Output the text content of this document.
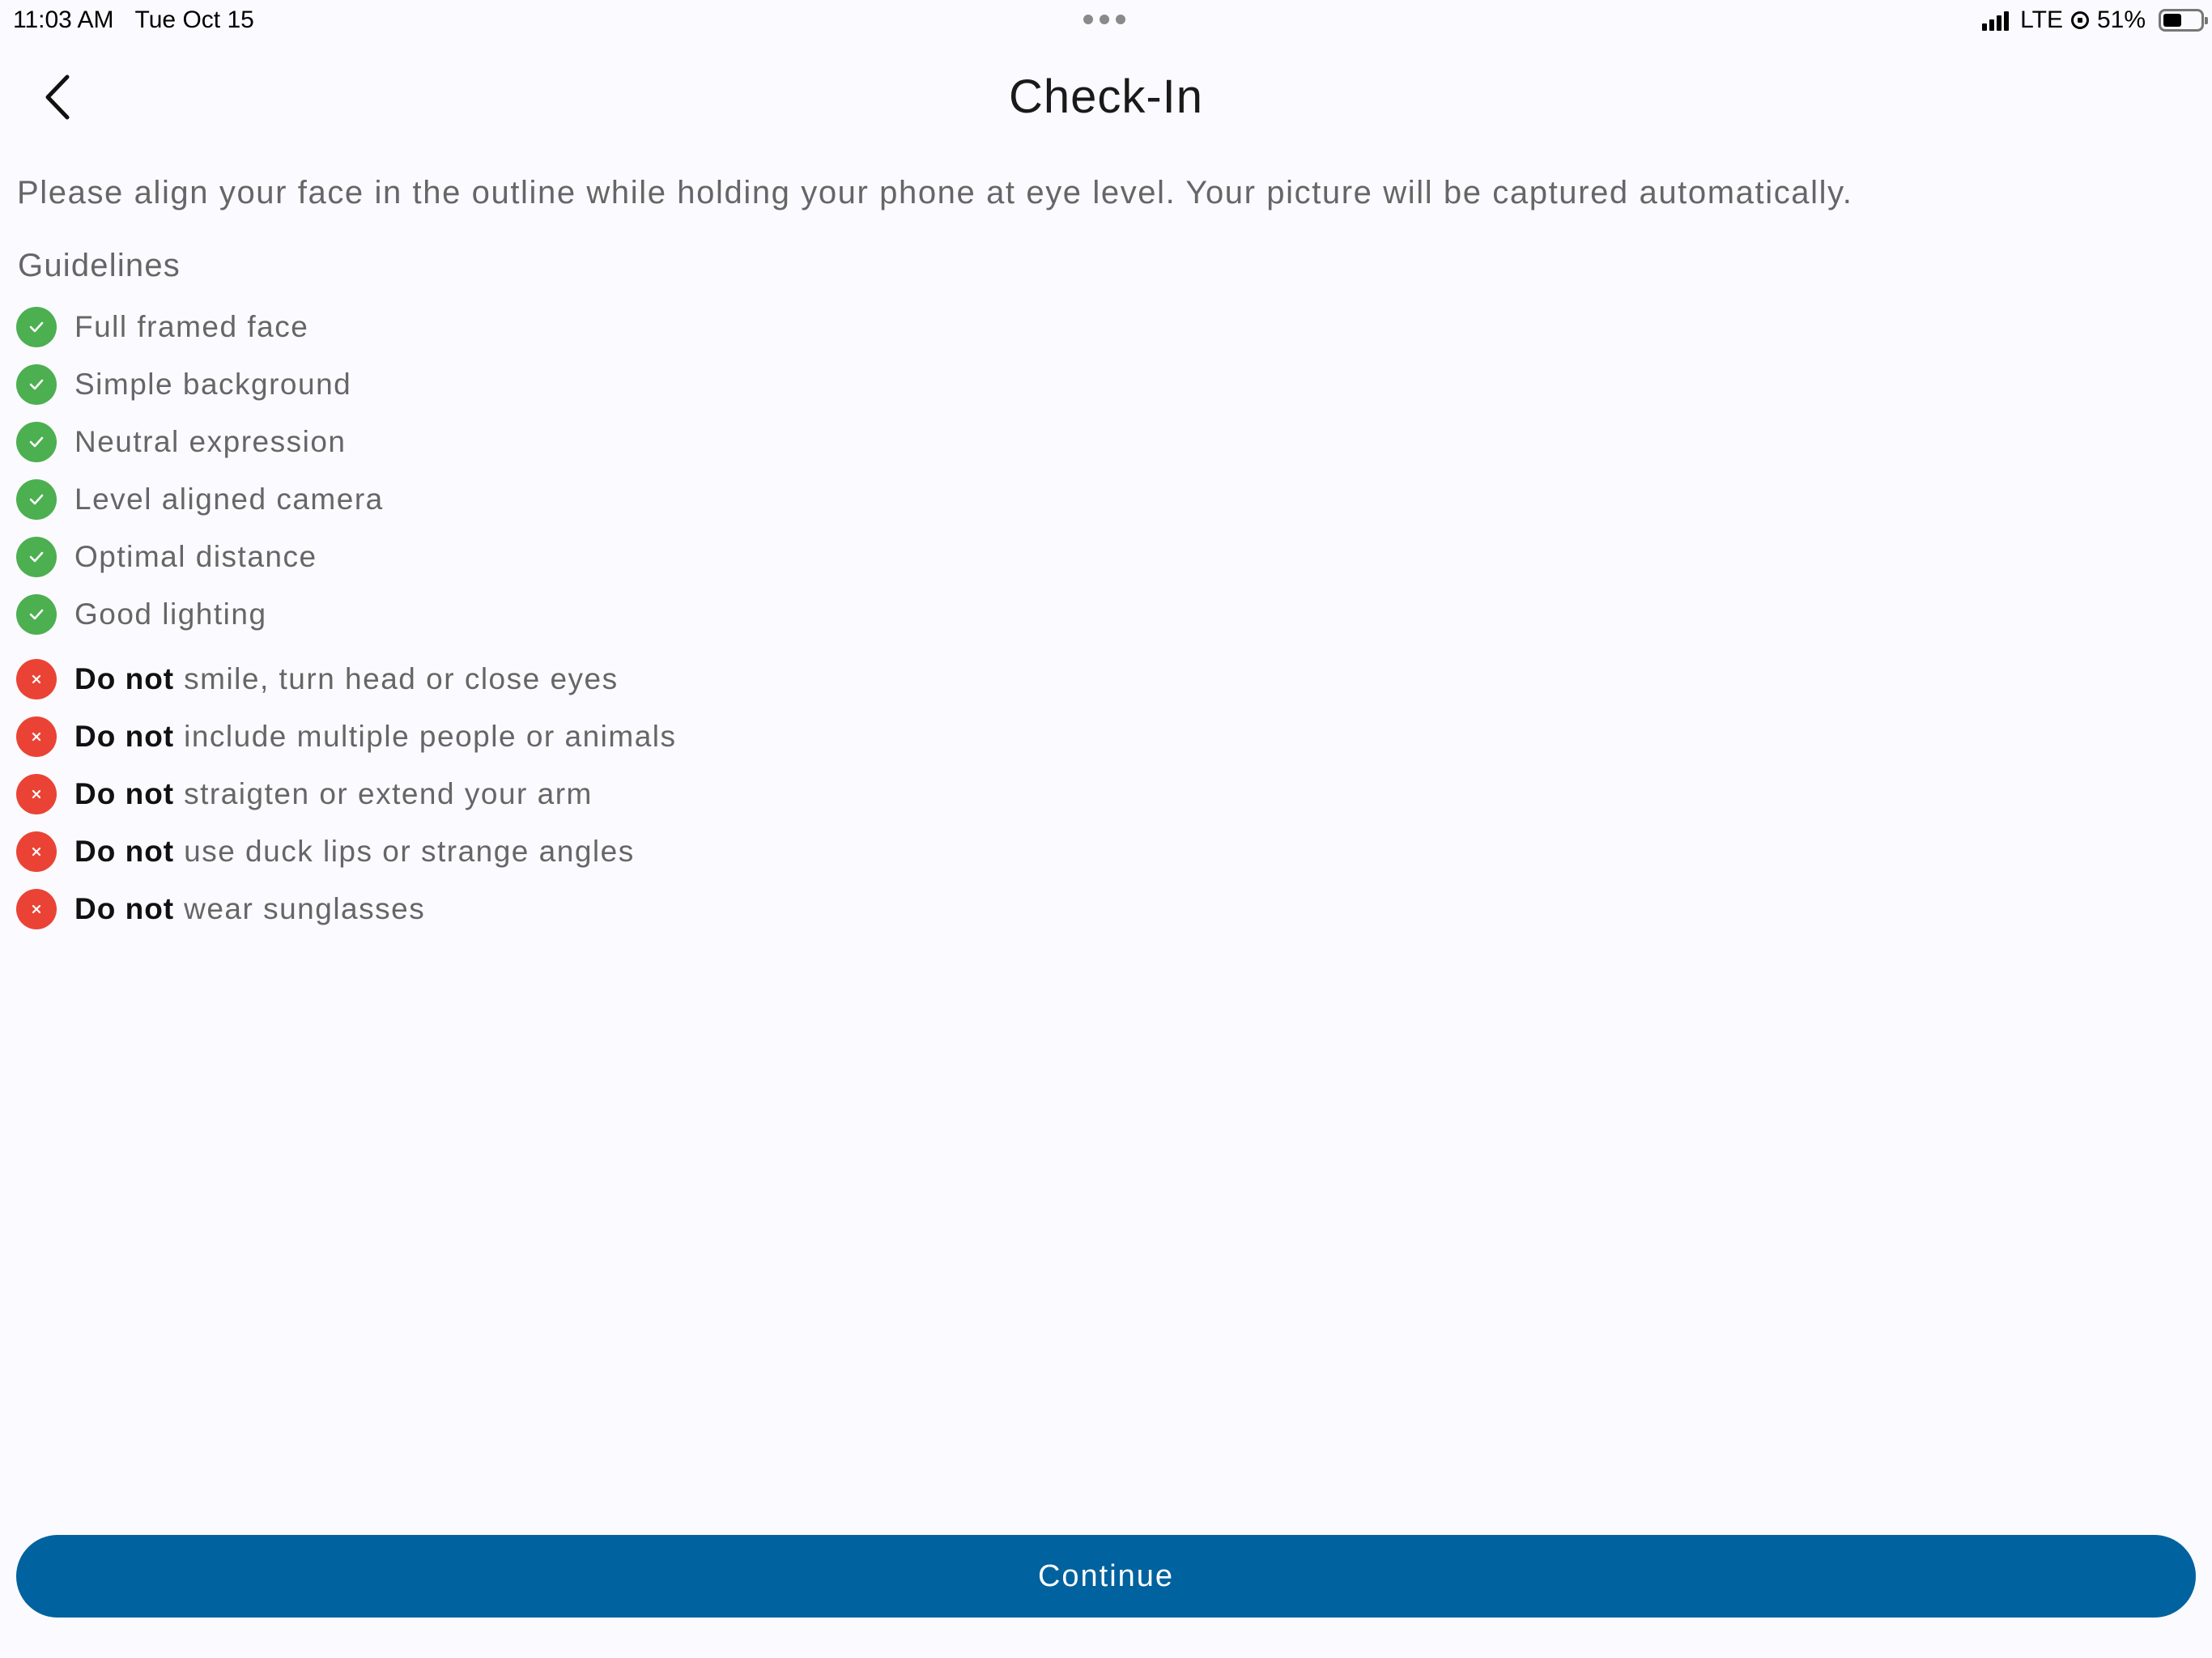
11:03 AM Tue Oct 15	LTE 51%
Check-In
Please align your face in the outline while holding your phone at eye level. Your picture will be captured automatically.
Guidelines
Full framed face
Simple background
Neutral expression
Level aligned camera
Optimal distance
Good lighting
Do not smile, turn head or close eyes
Do not include multiple people or animals
Do not straigten or extend your arm
Do not use duck lips or strange angles
Do not wear sunglasses
Continue
